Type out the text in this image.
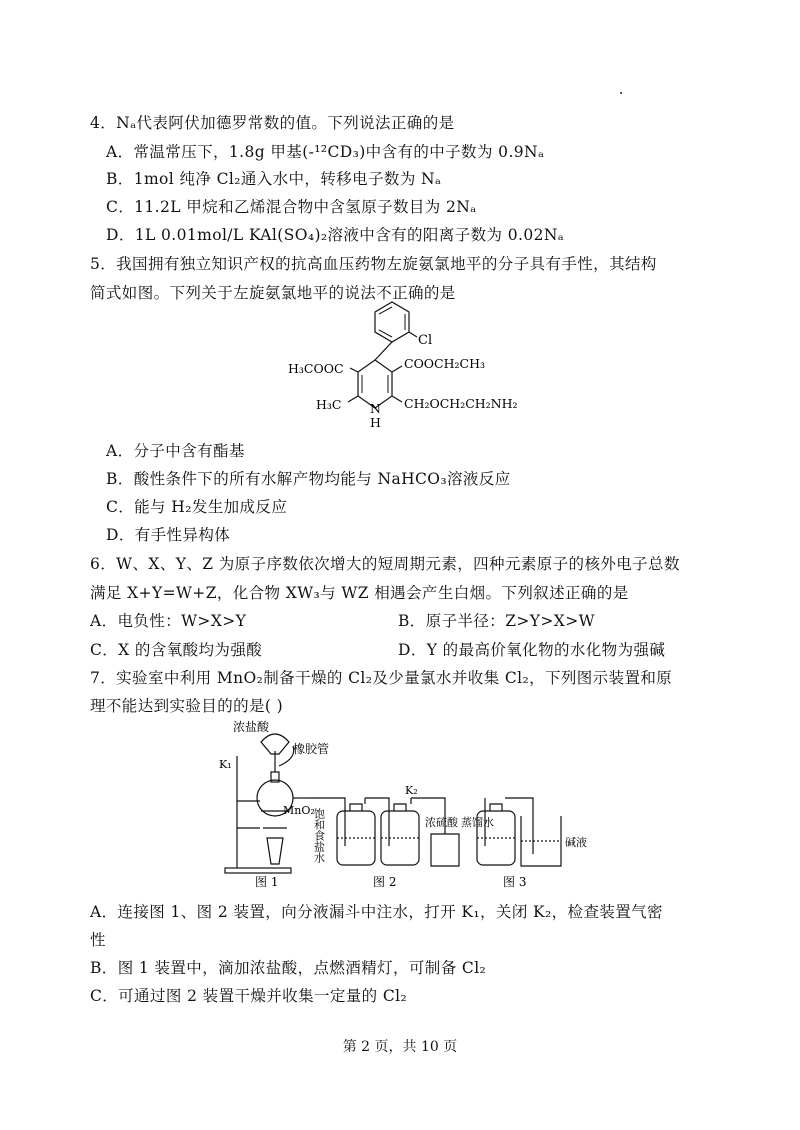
4．Nₐ代表阿伏加德罗常数的值。下列说法正确的是
A．常温常压下，1.8g 甲基(-¹²CD₃)中含有的中子数为 0.9Nₐ
B．1mol 纯净 Cl₂通入水中，转移电子数为 Nₐ
C．11.2L 甲烷和乙烯混合物中含氢原子数目为 2Nₐ
D．1L 0.01mol/L KAl(SO₄)₂溶液中含有的阳离子数为 0.02Nₐ
5．我国拥有独立知识产权的抗高血压药物左旋氨氯地平的分子具有手性，其结构
简式如图。下列关于左旋氨氯地平的说法不正确的是
Cl
H₃COOC	COOCH₂CH₃
H₃C N
H
CH₂OCH₂CH₂NH₂
A．分子中含有酯基
B．酸性条件下的所有水解产物均能与 NaHCO₃溶液反应
C．能与 H₂发生加成反应
D．有手性异构体
6．W、X、Y、Z 为原子序数依次增大的短周期元素，四种元素原子的核外电子总数
满足 X+Y=W+Z，化合物 XW₃与 WZ 相遇会产生白烟。下列叙述正确的是
A．电负性：W>X>Y	B．原子半径：Z>Y>X>W
C．X 的含氧酸均为强酸	D．Y 的最高价氧化物的水化物为强碱
7．实验室中利用 MnO₂制备干燥的 Cl₂及少量氯水并收集 Cl₂，下列图示装置和原
理不能达到实验目的的是( )
浓盐酸
橡胶管
K₁
MnO₂
K₂
饱和食盐水	浓硫酸 蒸馏水
碱液
图 1	图 2	图 3
A．连接图 1、图 2 装置，向分液漏斗中注水，打开 K₁，关闭 K₂，检查装置气密
性
B．图 1 装置中，滴加浓盐酸，点燃酒精灯，可制备 Cl₂
C．可通过图 2 装置干燥并收集一定量的 Cl₂
第 2 页，共 10 页
